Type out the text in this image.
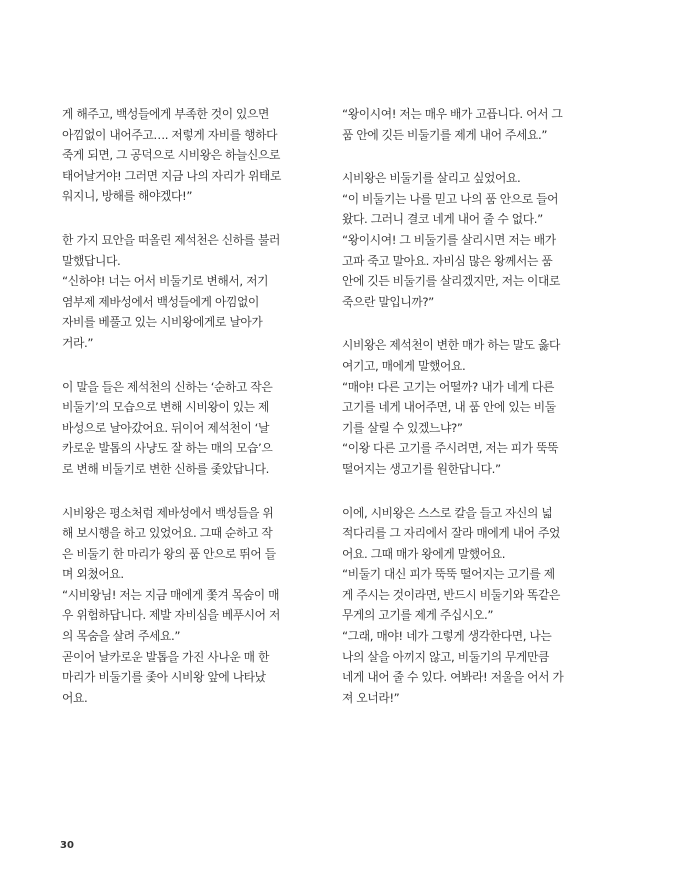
게 해주고, 백성들에게 부족한 것이 있으면
아낌없이 내어주고…. 저렇게 자비를 행하다
죽게 되면, 그 공덕으로 시비왕은 하늘신으로
태어날거야! 그러면 지금 나의 자리가 위태로
워지니, 방해를 해야겠다!”
한 가지 묘안을 떠올린 제석천은 신하를 불러
말했답니다.
“신하야! 너는 어서 비둘기로 변해서, 저기
염부제 제바성에서 백성들에게 아낌없이
자비를 베풀고 있는 시비왕에게로 날아가
거라.”
이 말을 들은 제석천의 신하는 ‘순하고 작은
비둘기’의 모습으로 변해 시비왕이 있는 제
바성으로 날아갔어요. 뒤이어 제석천이 ‘날
카로운 발톱의 사냥도 잘 하는 매의 모습’으
로 변해 비둘기로 변한 신하를 좇았답니다.
시비왕은 평소처럼 제바성에서 백성들을 위
해 보시행을 하고 있었어요. 그때 순하고 작
은 비둘기 한 마리가 왕의 품 안으로 뛰어 들
며 외쳤어요.
“시비왕님! 저는 지금 매에게 쫓겨 목숨이 매
우 위험하답니다. 제발 자비심을 베푸시어 저
의 목숨을 살려 주세요.”
곧이어 날카로운 발톱을 가진 사나운 매 한
마리가 비둘기를 좇아 시비왕 앞에 나타났
어요.
“왕이시여! 저는 매우 배가 고픕니다. 어서 그
품 안에 깃든 비둘기를 제게 내어 주세요.”
시비왕은 비둘기를 살리고 싶었어요.
“이 비둘기는 나를 믿고 나의 품 안으로 들어
왔다. 그러니 결코 네게 내어 줄 수 없다.”
“왕이시여! 그 비둘기를 살리시면 저는 배가
고파 죽고 말아요. 자비심 많은 왕께서는 품
안에 깃든 비둘기를 살리겠지만, 저는 이대로
죽으란 말입니까?”
시비왕은 제석천이 변한 매가 하는 말도 옳다
여기고, 매에게 말했어요.
“매야! 다른 고기는 어떨까? 내가 네게 다른
고기를 네게 내어주면, 내 품 안에 있는 비둘
기를 살릴 수 있겠느냐?”
“이왕 다른 고기를 주시려면, 저는 피가 뚝뚝
떨어지는 생고기를 원한답니다.”
이에, 시비왕은 스스로 칼을 들고 자신의 넓
적다리를 그 자리에서 잘라 매에게 내어 주었
어요. 그때 매가 왕에게 말했어요.
“비둘기 대신 피가 뚝뚝 떨어지는 고기를 제
게 주시는 것이라면, 반드시 비둘기와 똑같은
무게의 고기를 제게 주십시오.”
“그래, 매야! 네가 그렇게 생각한다면, 나는
나의 살을 아끼지 않고, 비둘기의 무게만큼
네게 내어 줄 수 있다. 여봐라! 저울을 어서 가
져 오너라!”
30
